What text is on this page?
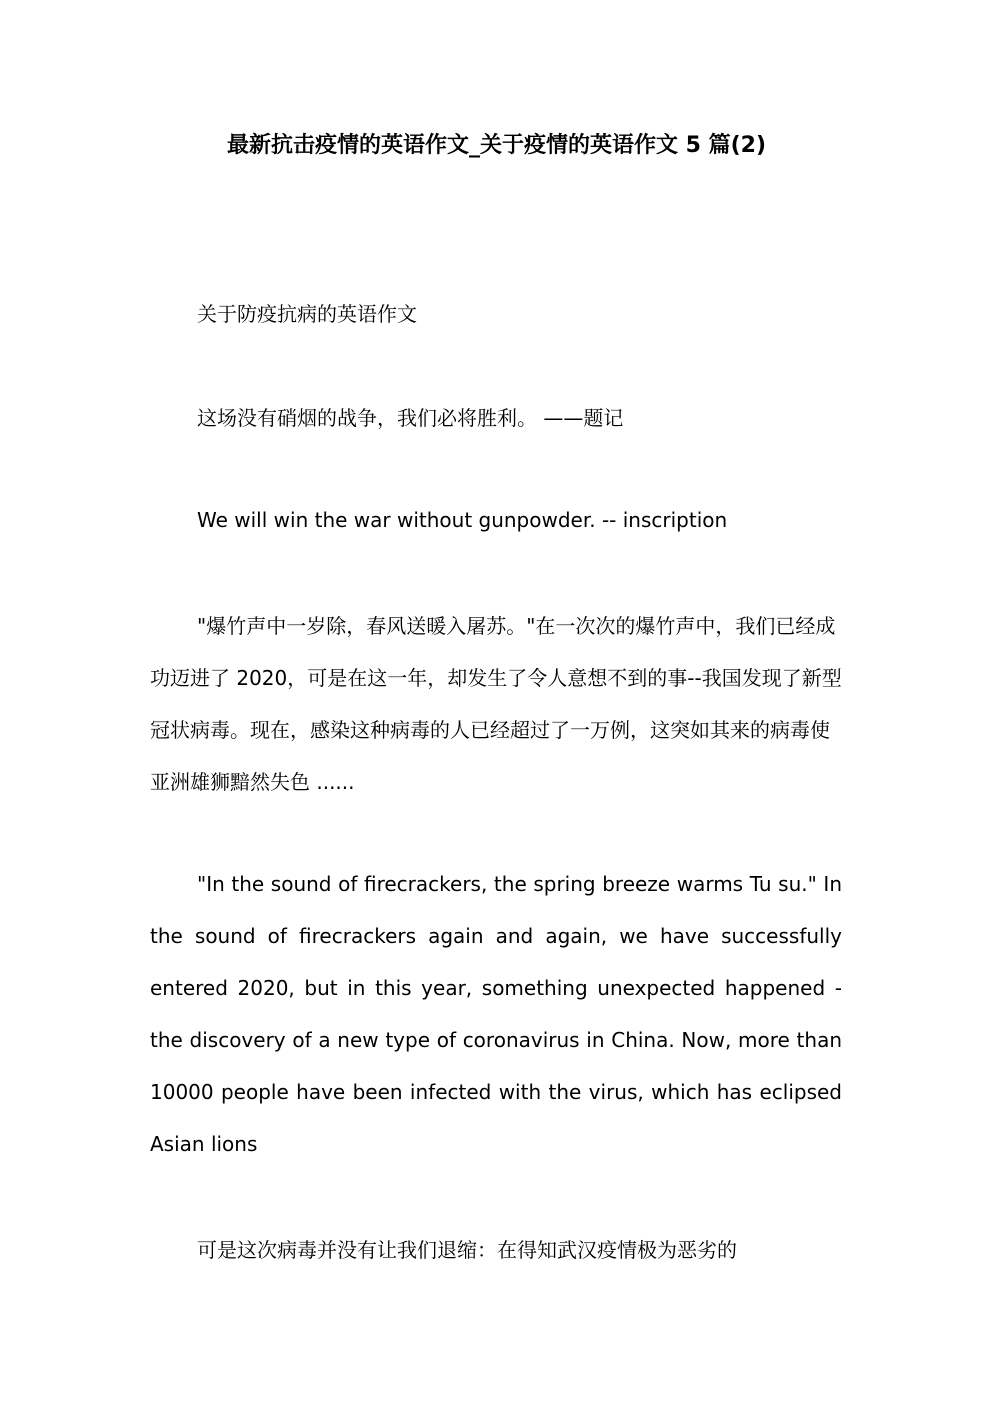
最新抗击疫情的英语作文_关于疫情的英语作文 5 篇(2)

关于防疫抗病的英语作文

这场没有硝烟的战争，我们必将胜利。 ——题记

We will win the war without gunpowder. -- inscription

"爆竹声中一岁除，春风送暖入屠苏。"在一次次的爆竹声中，我们已经成功迈进了 2020，可是在这一年，却发生了令人意想不到的事--我国发现了新型冠状病毒。现在，感染这种病毒的人已经超过了一万例，这突如其来的病毒使亚洲雄狮黯然失色 ......

"In the sound of firecrackers, the spring breeze warms Tu su." In the sound of firecrackers again and again, we have successfully entered 2020, but in this year, something unexpected happened - the discovery of a new type of coronavirus in China. Now, more than 10000 people have been infected with the virus, which has eclipsed Asian lions

可是这次病毒并没有让我们退缩：在得知武汉疫情极为恶劣的
